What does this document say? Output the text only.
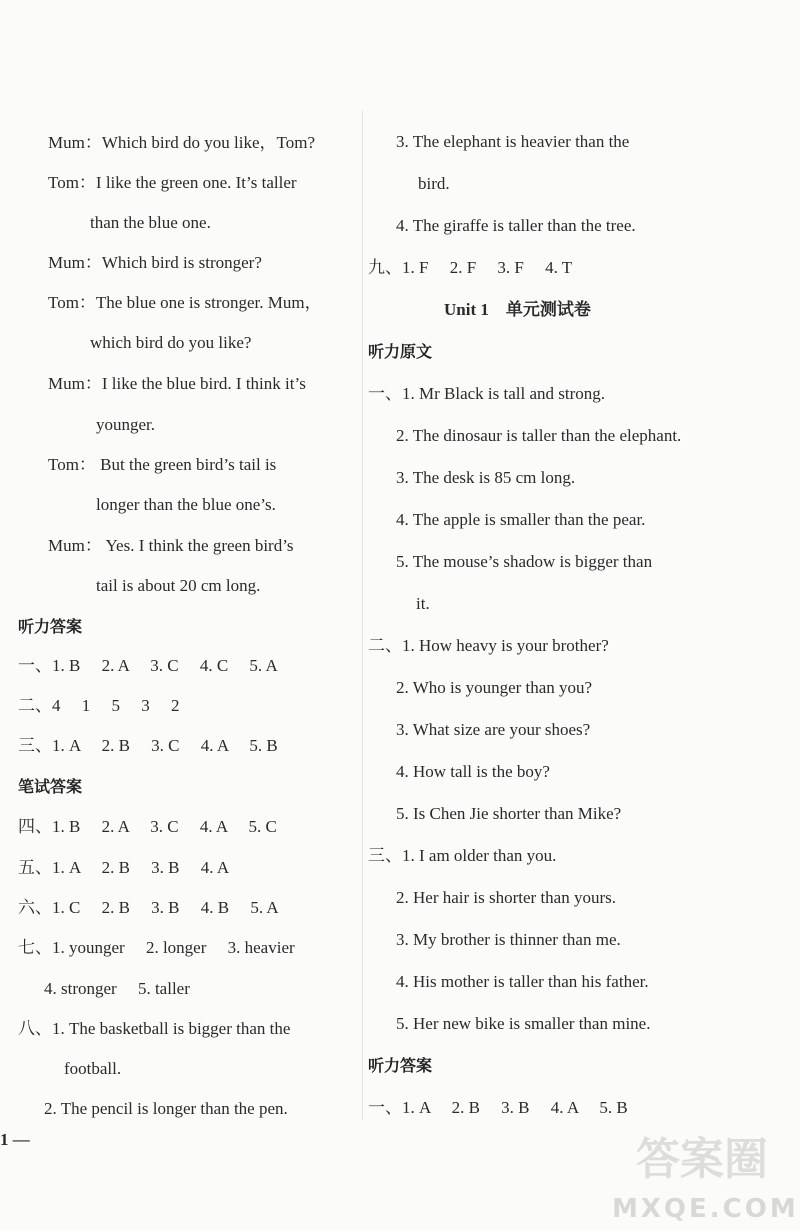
Mum：Which bird do you like，Tom?
Tom：I like the green one. It’s taller
than the blue one.
Mum：Which bird is stronger?
Tom：The blue one is stronger. Mum，
which bird do you like?
Mum：I like the blue bird. I think it’s
younger.
Tom： But the green bird’s tail is
longer than the blue one’s.
Mum： Yes. I think the green bird’s
tail is about 20 cm long.
听力答案
一、1. B　 2. A　 3. C　 4. C　 5. A
二、4　 1　 5　 3　 2
三、1. A　 2. B　 3. C　 4. A　 5. B
笔试答案
四、1. B　 2. A　 3. C　 4. A　 5. C
五、1. A　 2. B　 3. B　 4. A
六、1. C　 2. B　 3. B　 4. B　 5. A
七、1. younger　 2. longer　 3. heavier
4. stronger　 5. taller
八、1. The basketball is bigger than the
football.
2. The pencil is longer than the pen.
3. The elephant is heavier than the
bird.
4. The giraffe is taller than the tree.
九、1. F　 2. F　 3. F　 4. T
Unit 1　单元测试卷
听力原文
一、1. Mr Black is tall and strong.
2. The dinosaur is taller than the elephant.
3. The desk is 85 cm long.
4. The apple is smaller than the pear.
5. The mouse’s shadow is bigger than
it.
二、1. How heavy is your brother?
2. Who is younger than you?
3. What size are your shoes?
4. How tall is the boy?
5. Is Chen Jie shorter than Mike?
三、1. I am older than you.
2. Her hair is shorter than yours.
3. My brother is thinner than me.
4. His mother is taller than his father.
5. Her new bike is smaller than mine.
听力答案
一、1. A　 2. B　 3. B　 4. A　 5. B
1 —	答案圈
MXQE.COM
